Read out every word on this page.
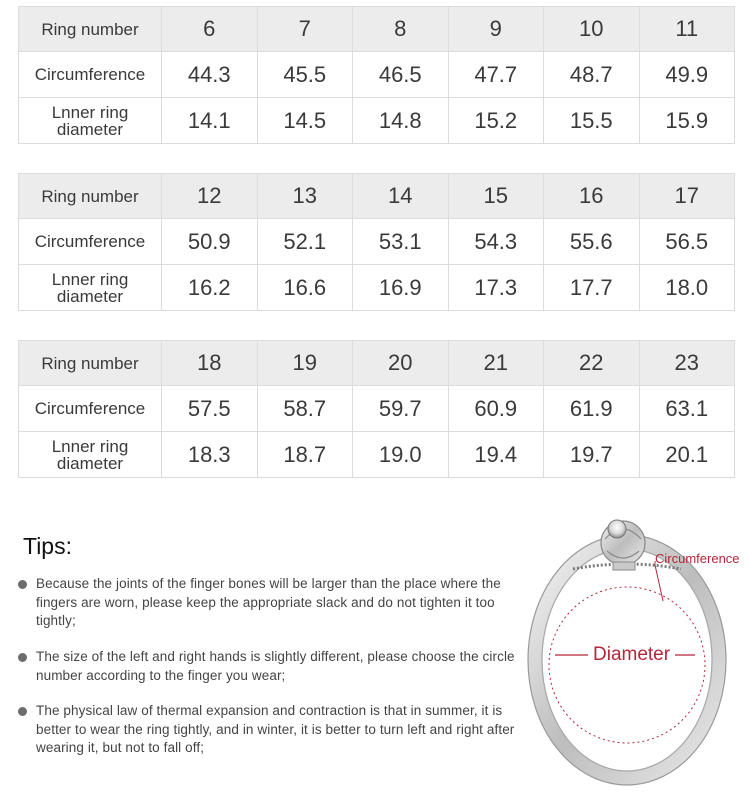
Ring number	6	7	8	9	10	11
Circumference	44.3	45.5	46.5	47.7	48.7	49.9
Lnner ring diameter	14.1	14.5	14.8	15.2	15.5	15.9
Ring number	12	13	14	15	16	17
Circumference	50.9	52.1	53.1	54.3	55.6	56.5
Lnner ring diameter	16.2	16.6	16.9	17.3	17.7	18.0
Ring number	18	19	20	21	22	23
Circumference	57.5	58.7	59.7	60.9	61.9	63.1
Lnner ring diameter	18.3	18.7	19.0	19.4	19.7	20.1
Tips:
Because the joints of the finger bones will be larger than the place where the fingers are worn, please keep the appropriate slack and do not tighten it too tightly;
The size of the left and right hands is slightly different, please choose the circle number according to the finger you wear;
The physical law of thermal expansion and contraction is that in summer, it is better to wear the ring tightly, and in winter, it is better to turn left and right after wearing it, but not to fall off;

Circumference

Diameter
